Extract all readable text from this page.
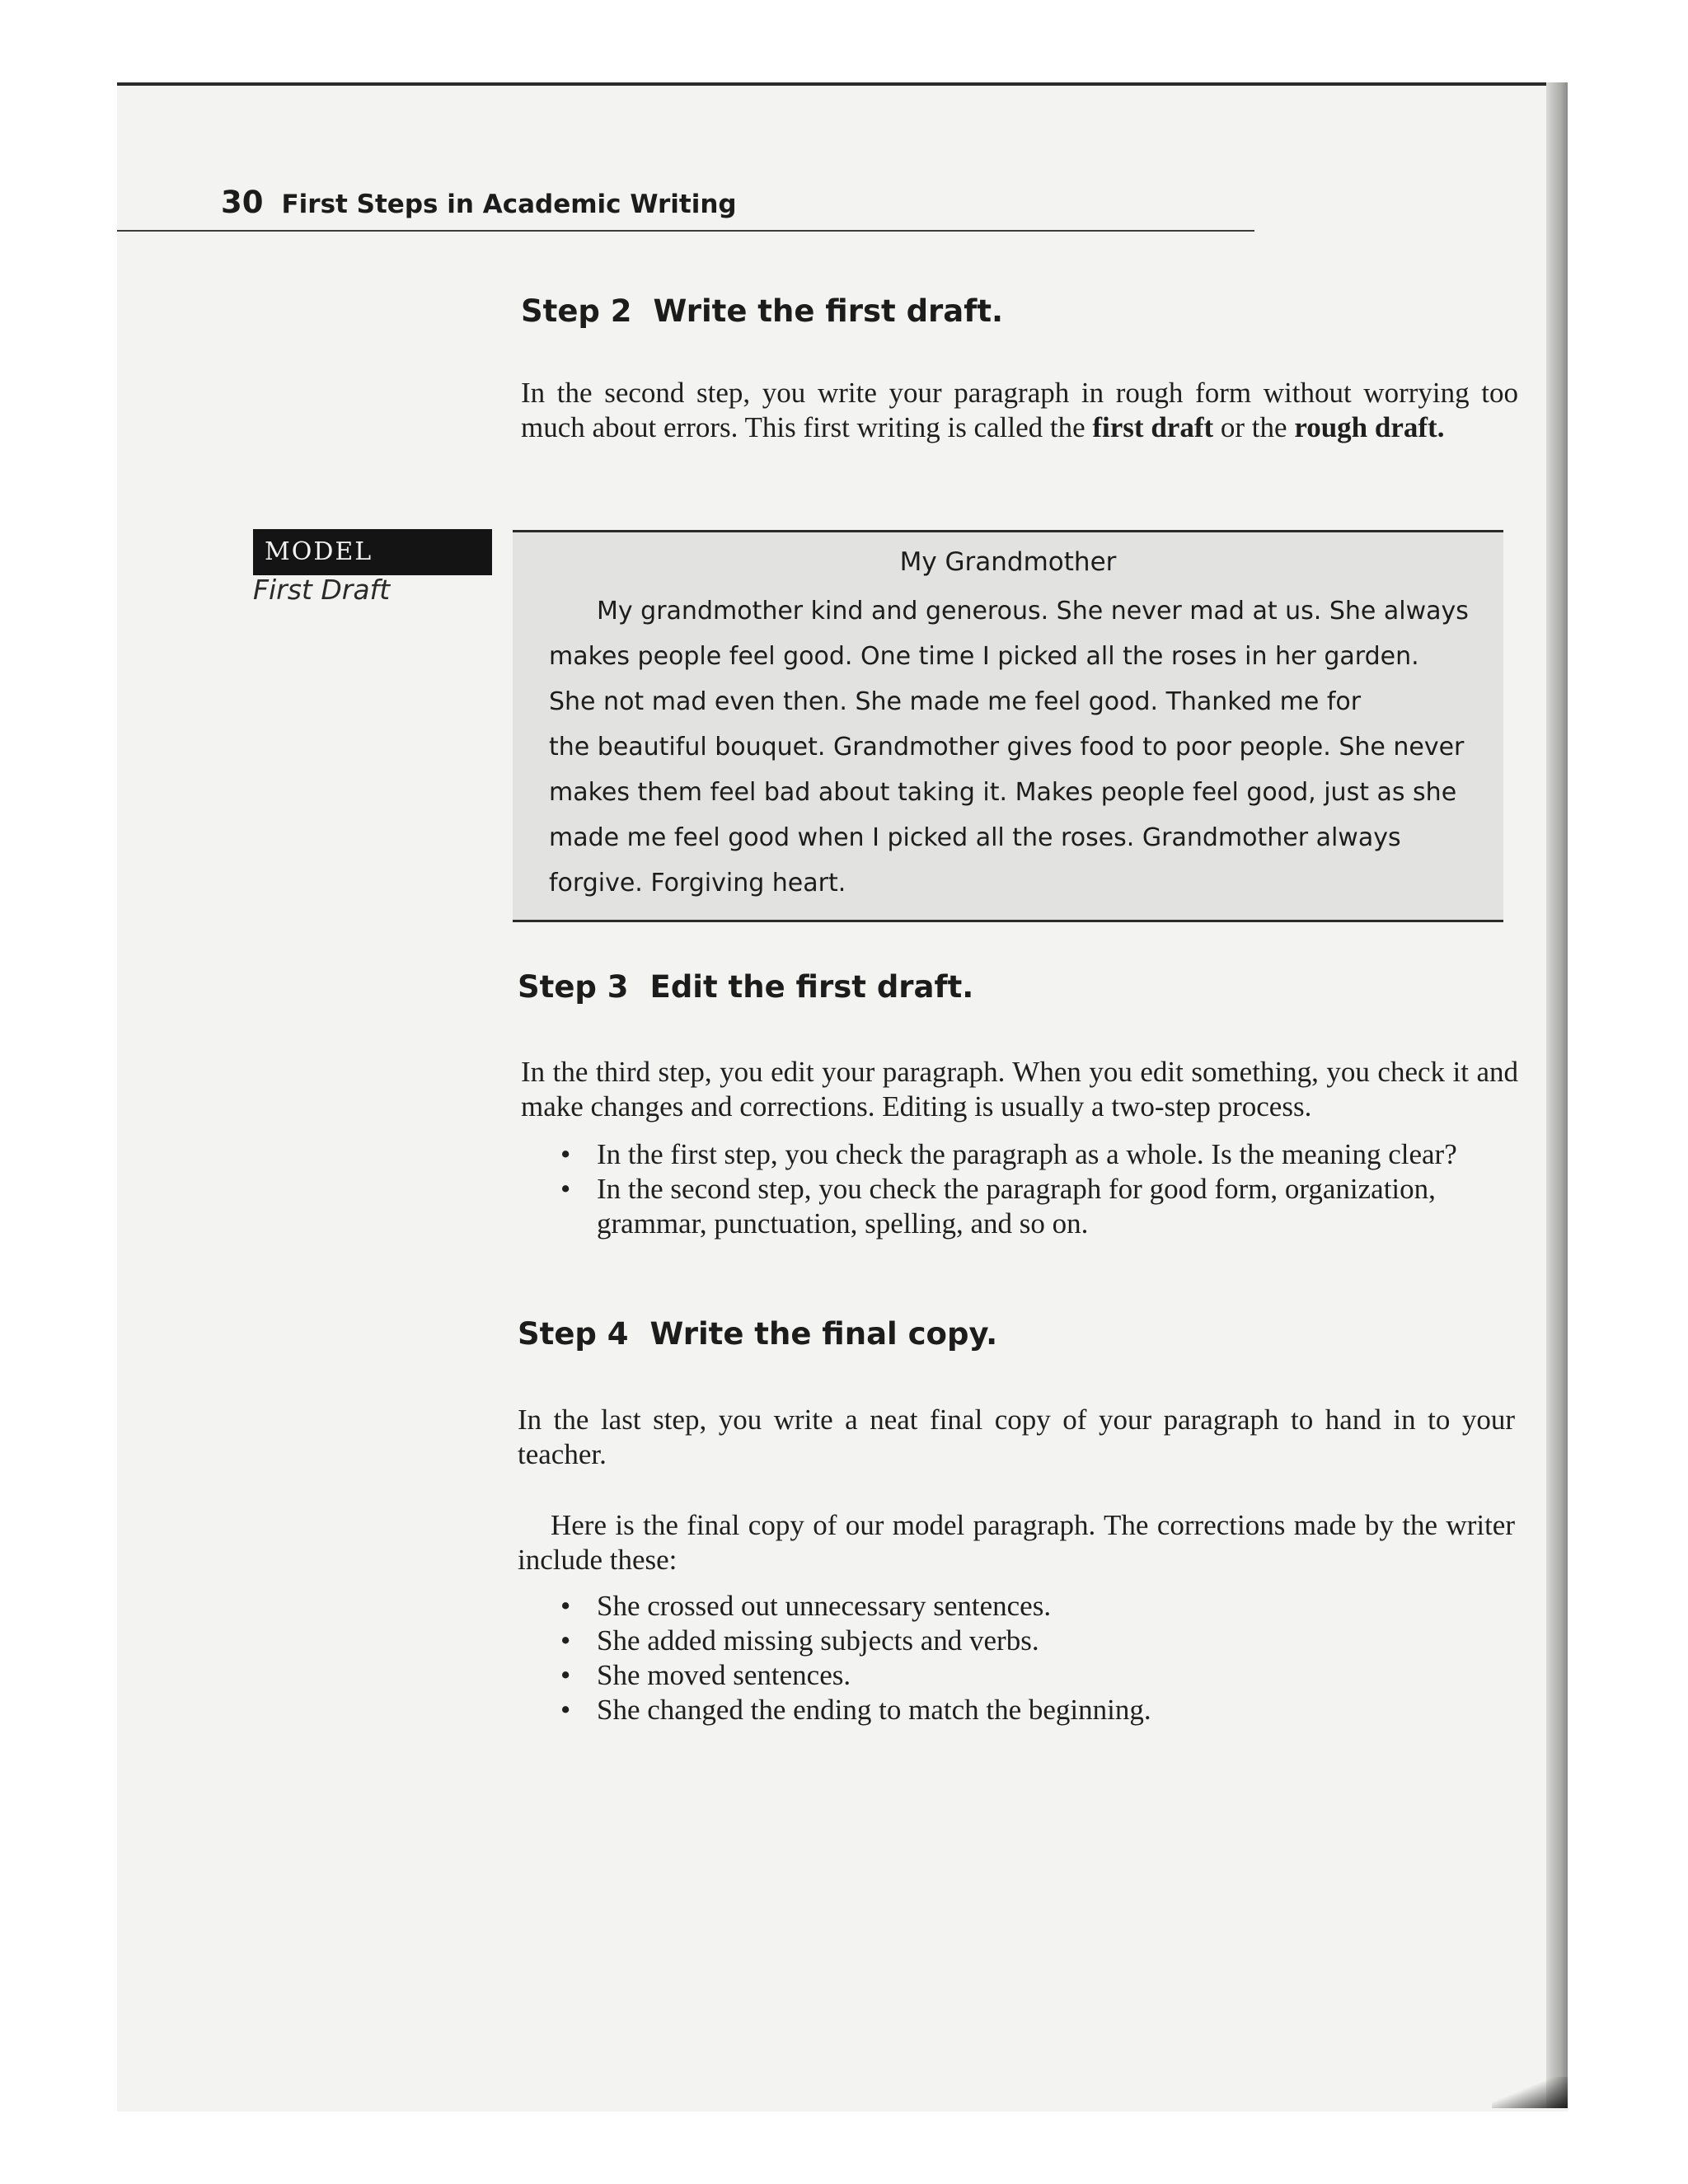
30 First Steps in Academic Writing
Step 2 Write the first draft.
In the second step, you write your paragraph in rough form without worrying too much about errors. This first writing is called the first draft or the rough draft.
MODEL
First Draft
My Grandmother
My grandmother kind and generous. She never mad at us. She always
makes people feel good. One time I picked all the roses in her garden.
She not mad even then. She made me feel good. Thanked me for
the beautiful bouquet. Grandmother gives food to poor people. She never
makes them feel bad about taking it. Makes people feel good, just as she
made me feel good when I picked all the roses. Grandmother always
forgive. Forgiving heart.
Step 3 Edit the first draft.
In the third step, you edit your paragraph. When you edit something, you check it and make changes and corrections. Editing is usually a two-step process.
• In the first step, you check the paragraph as a whole. Is the meaning clear?
• In the second step, you check the paragraph for good form, organization, grammar, punctuation, spelling, and so on.
Step 4 Write the final copy.
In the last step, you write a neat final copy of your paragraph to hand in to your teacher.
Here is the final copy of our model paragraph. The corrections made by the writer include these:
• She crossed out unnecessary sentences.
• She added missing subjects and verbs.
• She moved sentences.
• She changed the ending to match the beginning.
